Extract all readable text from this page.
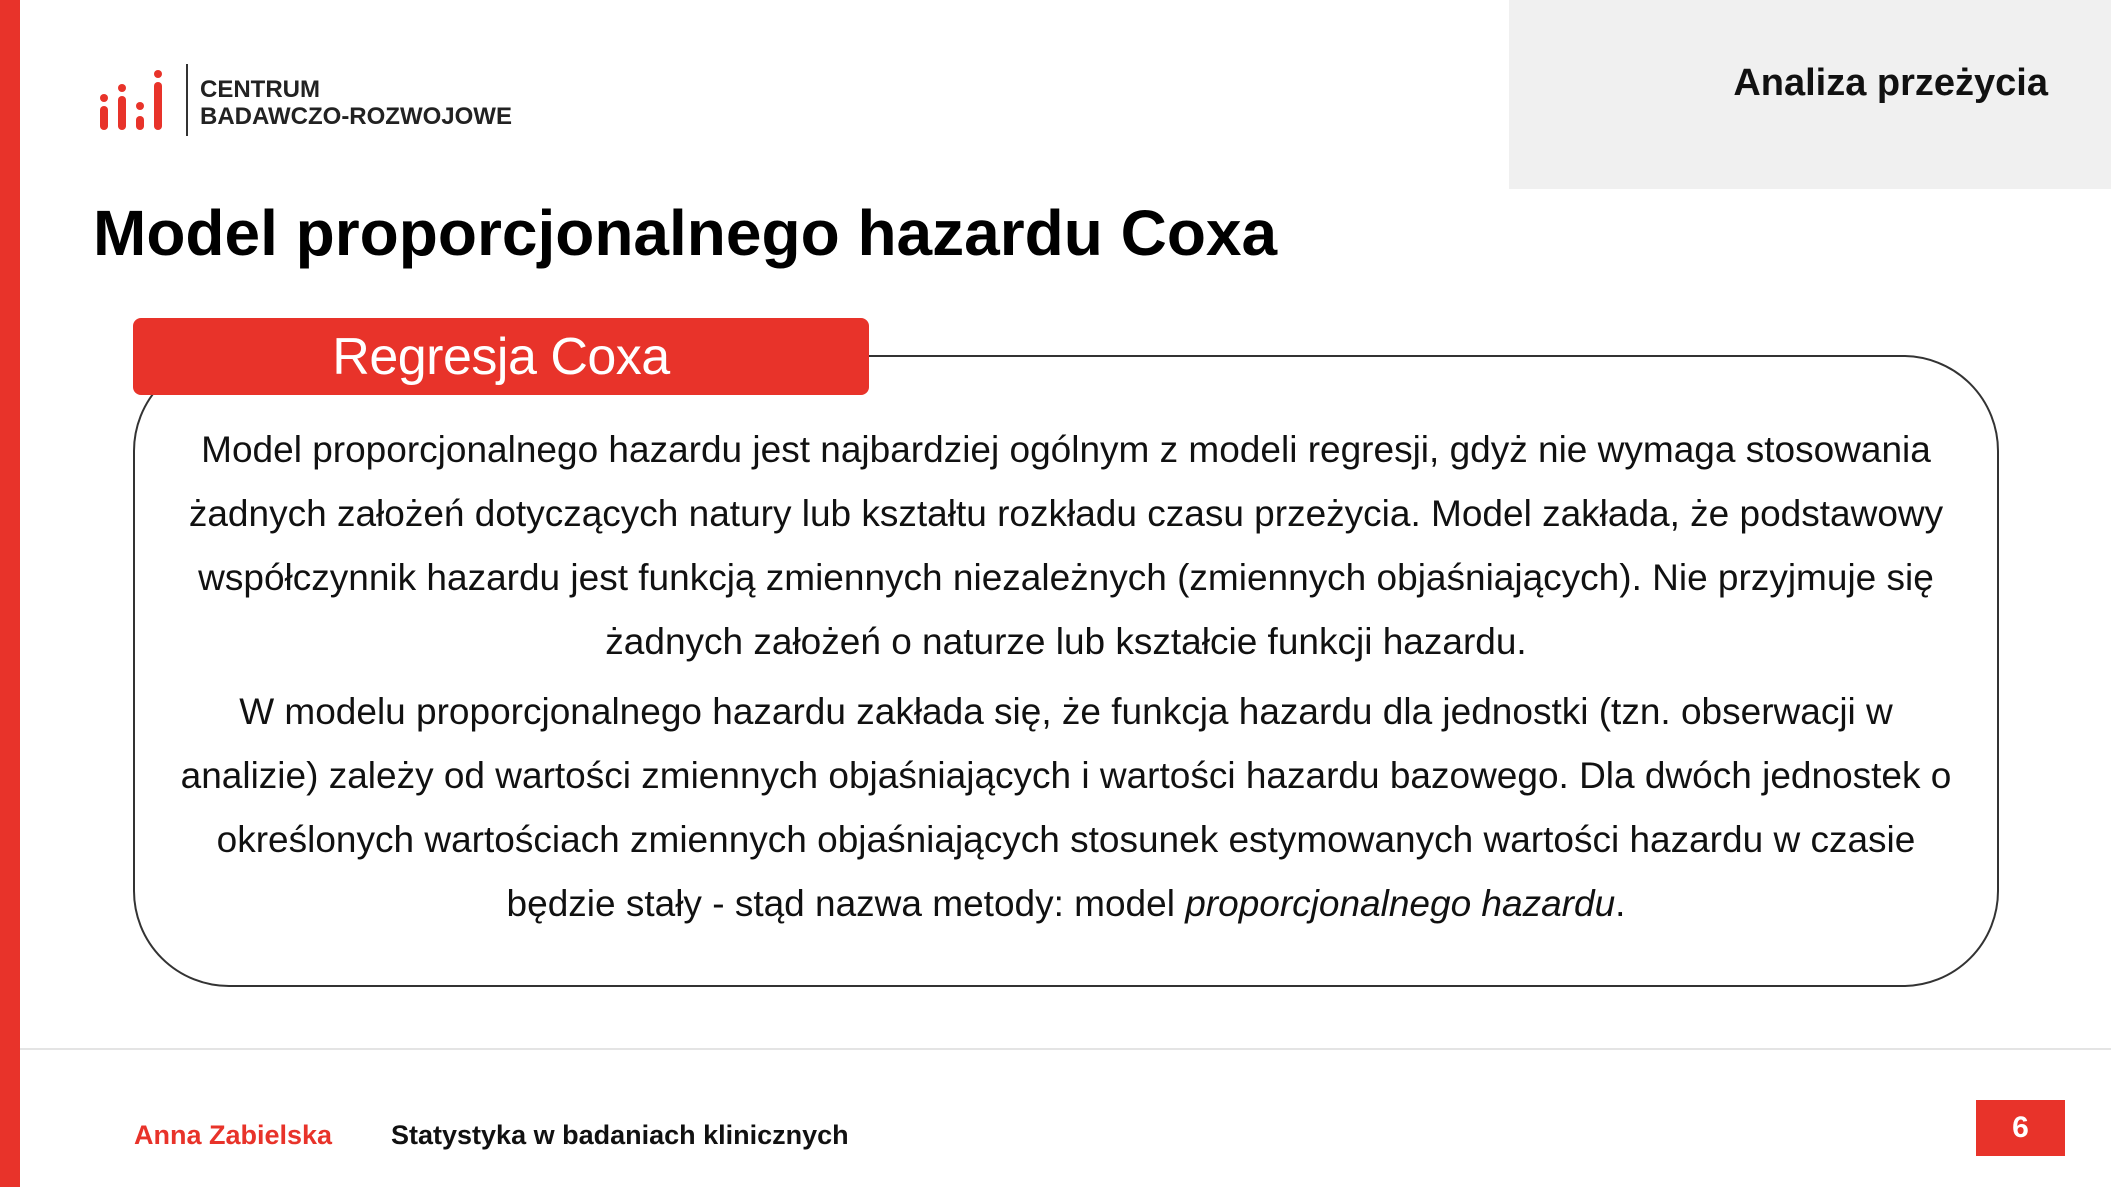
Analiza przeżycia
CENTRUM
BADAWCZO-ROZWOJOWE
Model proporcjonalnego hazardu Coxa
Regresja Coxa
Model proporcjonalnego hazardu jest najbardziej ogólnym z modeli regresji, gdyż nie wymaga stosowania żadnych założeń dotyczących natury lub kształtu rozkładu czasu przeżycia. Model zakłada, że podstawowy współczynnik hazardu jest funkcją zmiennych niezależnych (zmiennych objaśniających). Nie przyjmuje się żadnych założeń o naturze lub kształcie funkcji hazardu.
W modelu proporcjonalnego hazardu zakłada się, że funkcja hazardu dla jednostki (tzn. obserwacji w analizie) zależy od wartości zmiennych objaśniających i wartości hazardu bazowego. Dla dwóch jednostek o określonych wartościach zmiennych objaśniających stosunek estymowanych wartości hazardu w czasie będzie stały - stąd nazwa metody: model proporcjonalnego hazardu.
Anna Zabielska Statystyka w badaniach klinicznych	6
